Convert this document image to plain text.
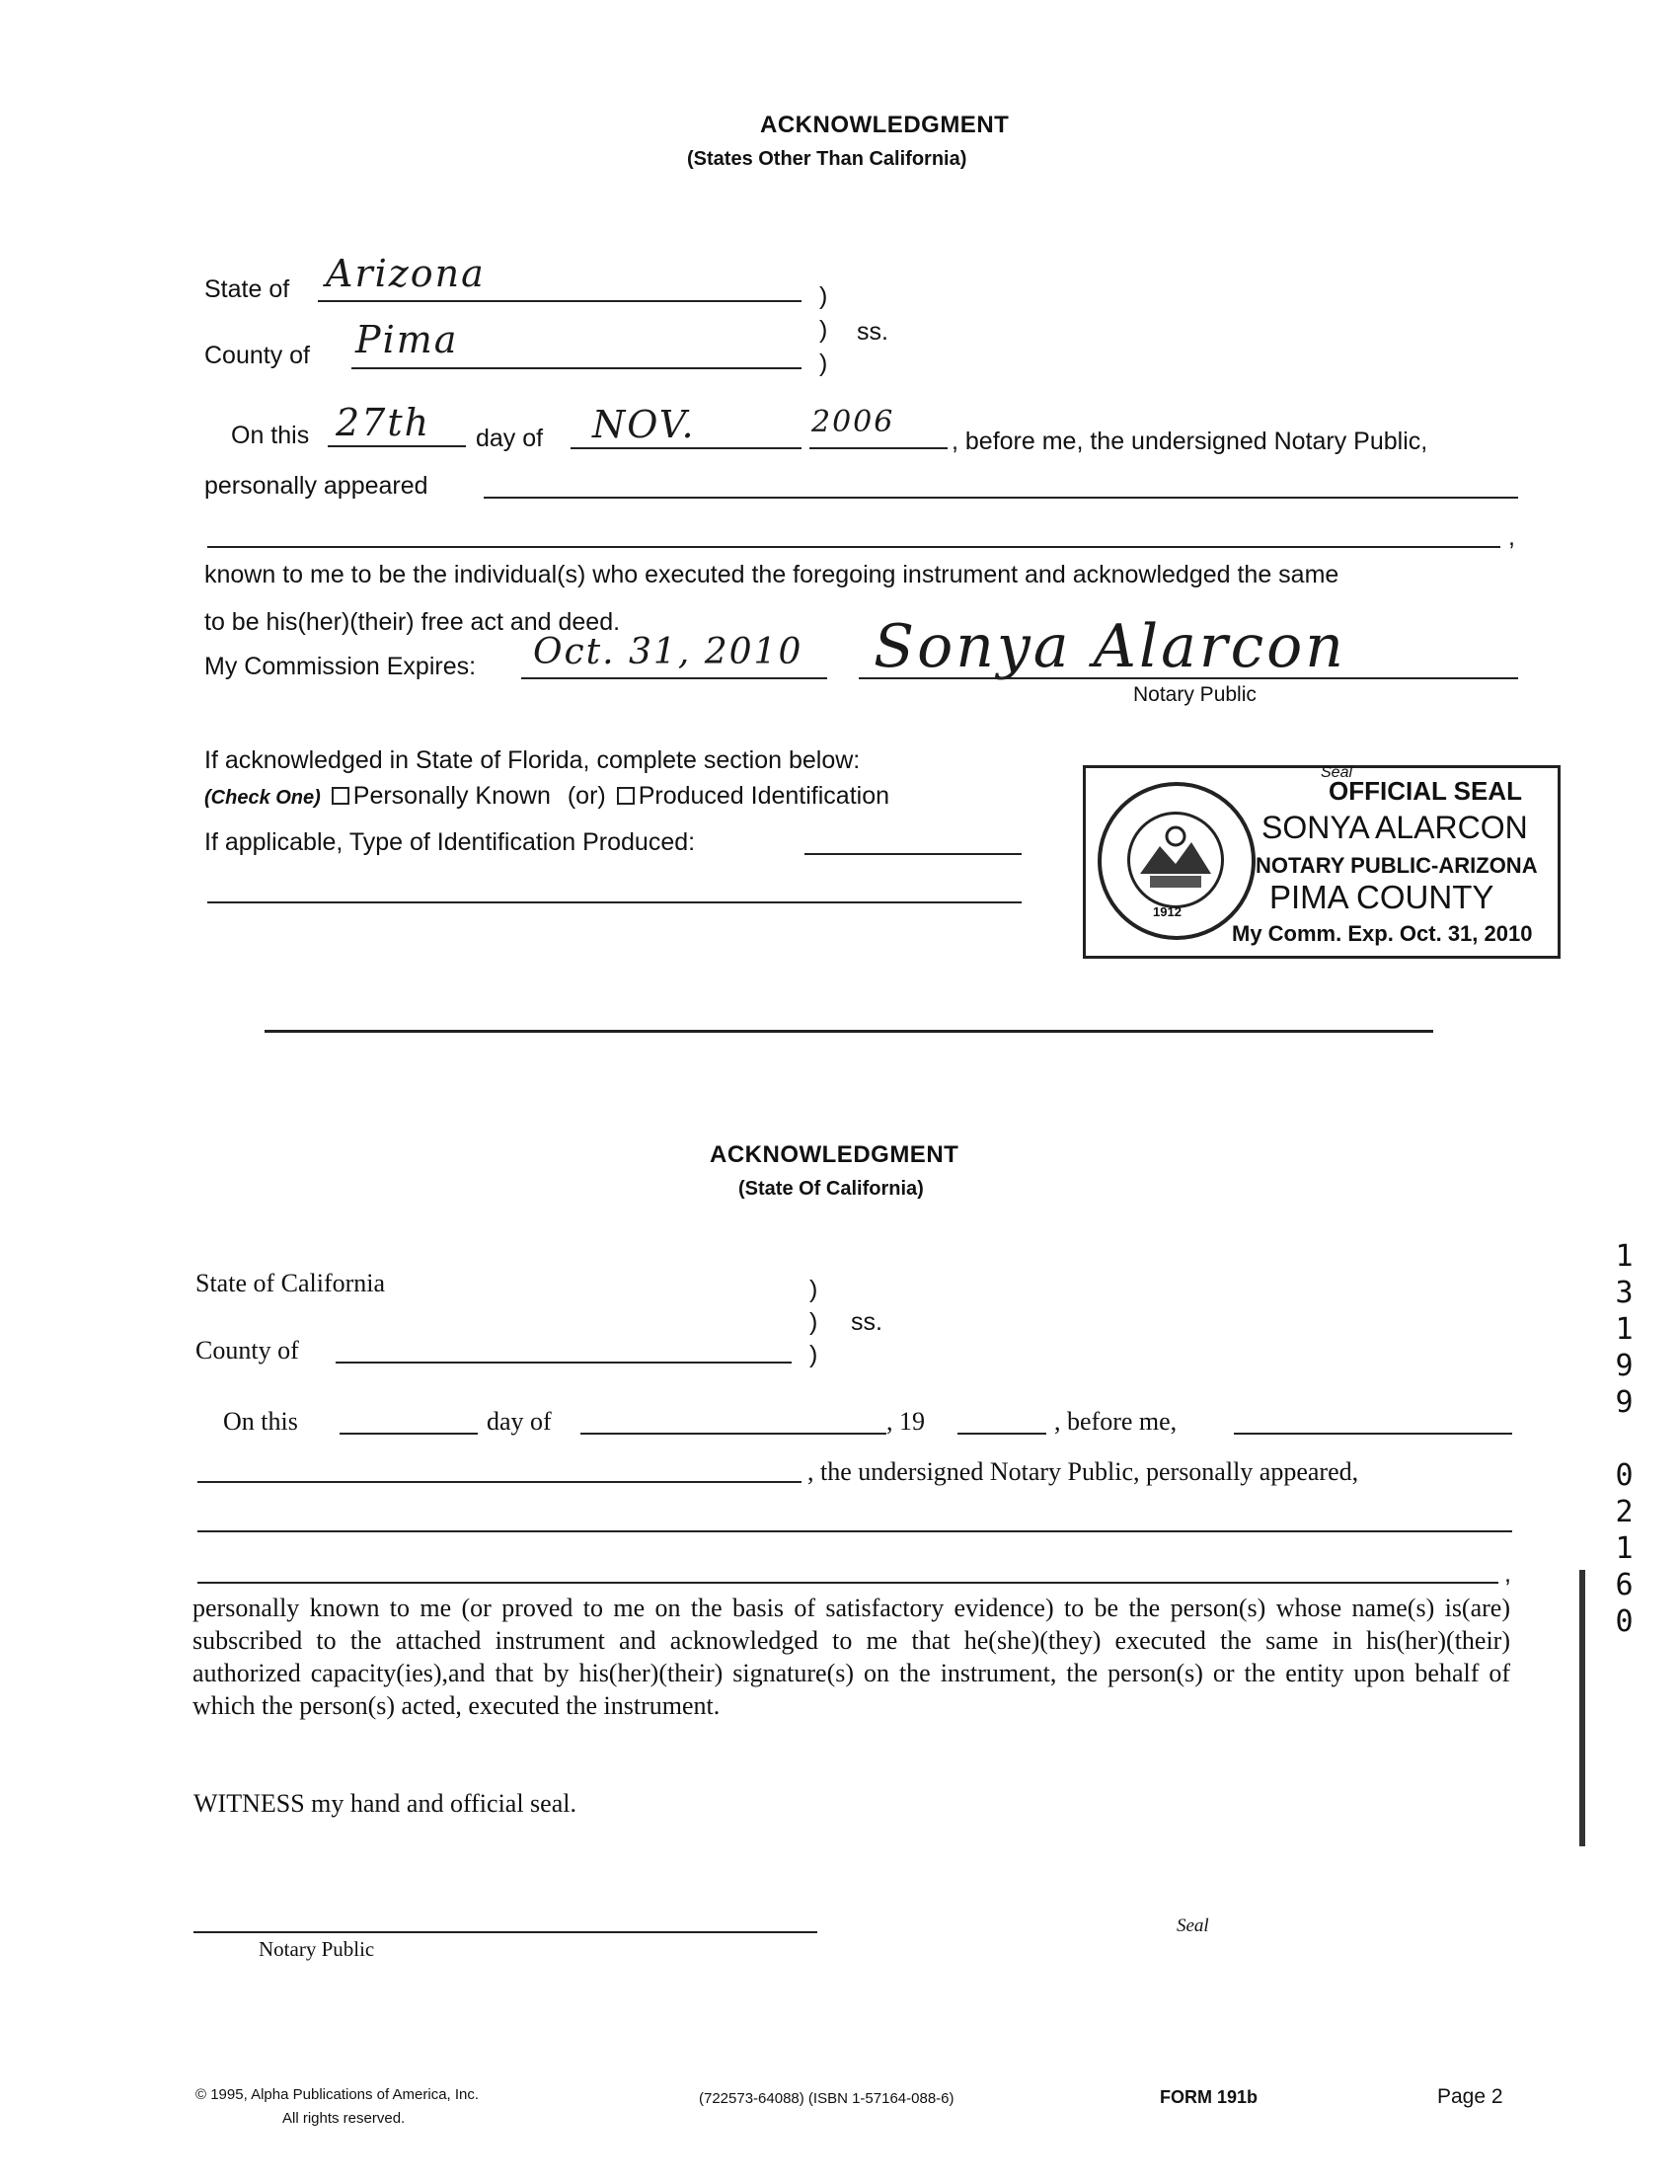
ACKNOWLEDGMENT
(States Other Than California)
State of Arizona
)
) ss.
)
County of Pima
On this 27th day of NOV.	2006
, before me, the undersigned Notary Public,
personally appeared
,
known to me to be the individual(s) who executed the foregoing instrument and acknowledged the same
to be his(her)(their) free act and deed.
My Commission Expires: Oct. 31, 2010 Sonya Alarcon
Notary Public
If acknowledged in State of Florida, complete section below:
(Check One) Personally Known (or) Produced Identification
If applicable, Type of Identification Produced:
1912
Seal
OFFICIAL SEAL
SONYA ALARCON
NOTARY PUBLIC-ARIZONA
PIMA COUNTY
My Comm. Exp. Oct. 31, 2010
ACKNOWLEDGMENT
(State Of California)
State of California	)
) ss.
)
County of
On this	day of	, 19	, before me,
, the undersigned Notary Public, personally appeared,
,
personally known to me (or proved to me on the basis of satisfactory evidence) to be the person(s) whose name(s) is(are) subscribed to the attached instrument and acknowledged to me that he(she)(they) executed the same in his(her)(their) authorized capacity(ies),and that by his(her)(their) signature(s) on the instrument, the person(s) or the entity upon behalf of which the person(s) acted, executed the instrument.
WITNESS my hand and official seal.
Notary Public
Seal
© 1995, Alpha Publications of America, Inc.
All rights reserved.
(722573-64088) (ISBN 1-57164-088-6)	FORM 191b	Page 2
13199 02160
